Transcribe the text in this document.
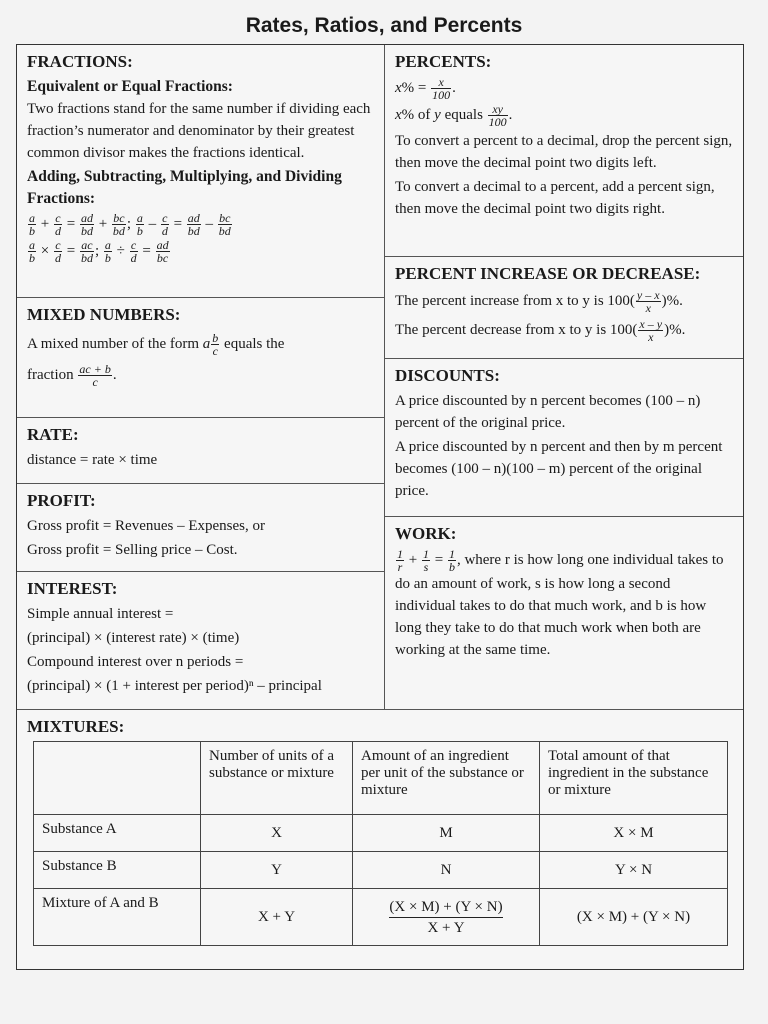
Rates, Ratios, and Percents
FRACTIONS:
Equivalent or Equal Fractions:

Two fractions stand for the same number if dividing each fraction’s numerator and denominator by their greatest common divisor makes the fractions identical.

Adding, Subtracting, Multiplying, and Dividing Fractions:
$\frac{a}{b} + \frac{c}{d} = \frac{ad}{bd} + \frac{bc}{bd}$ ; $\frac{a}{b} - \frac{c}{d} = \frac{ad}{bd} - \frac{bc}{bd}$
$\frac{a}{b} \times \frac{c}{d} = \frac{ac}{bd}$ ; $\frac{a}{b} \div \frac{c}{d} = \frac{ad}{bc}$
MIXED NUMBERS:

A mixed number of the form a $\frac{b}{c}$ equals the

fraction $\frac{ac + b}{c}$ .

RATE:

distance = rate × time

PROFIT:

Gross profit = Revenues – Expenses, or

Gross profit = Selling price – Cost.

INTEREST:

Simple annual interest =

(principal) × (interest rate) × (time)

Compound interest over n periods =

(principal) × (1 + interest per period)ⁿ – principal

PERCENTS:

$x\% = \frac{x}{100}$ .

x% of y equals $\frac{xy}{100}$ .

To convert a percent to a decimal, drop the percent sign, then move the decimal point two digits left.

To convert a decimal to a percent, add a percent sign, then move the decimal point two digits right.

PERCENT INCREASE OR DECREASE:

The percent increase from x to y is $100( \frac{y - x}{x}$ )%.

The percent decrease from x to y is $100( \frac{x - y}{x}$ )%.

DISCOUNTS:

A price discounted by n percent becomes (100 – n) percent of the original price.

A price discounted by n percent and then by m percent becomes (100 – n)(100 – m) percent of the original price.

WORK:

$\frac{1}{r} + \frac{1}{s} = \frac{1}{b}$ , where r is how long one individual takes to do an amount of work, s is how long a second individual takes to do that much work, and b is how long they take to do that much work when both are working at the same time.

MIXTURES:
	Number of units of a substance or mixture	Amount of an ingredient per unit of the substance or mixture	Total amount of that ingredient in the substance or mixture
Substance A	X	M	X × M
Substance B	Y	N	Y × N
Mixture of A and B	X + Y	$\frac{(X \times M) + (Y \times N)}{X + Y}$	(X × M) + (Y × N)
